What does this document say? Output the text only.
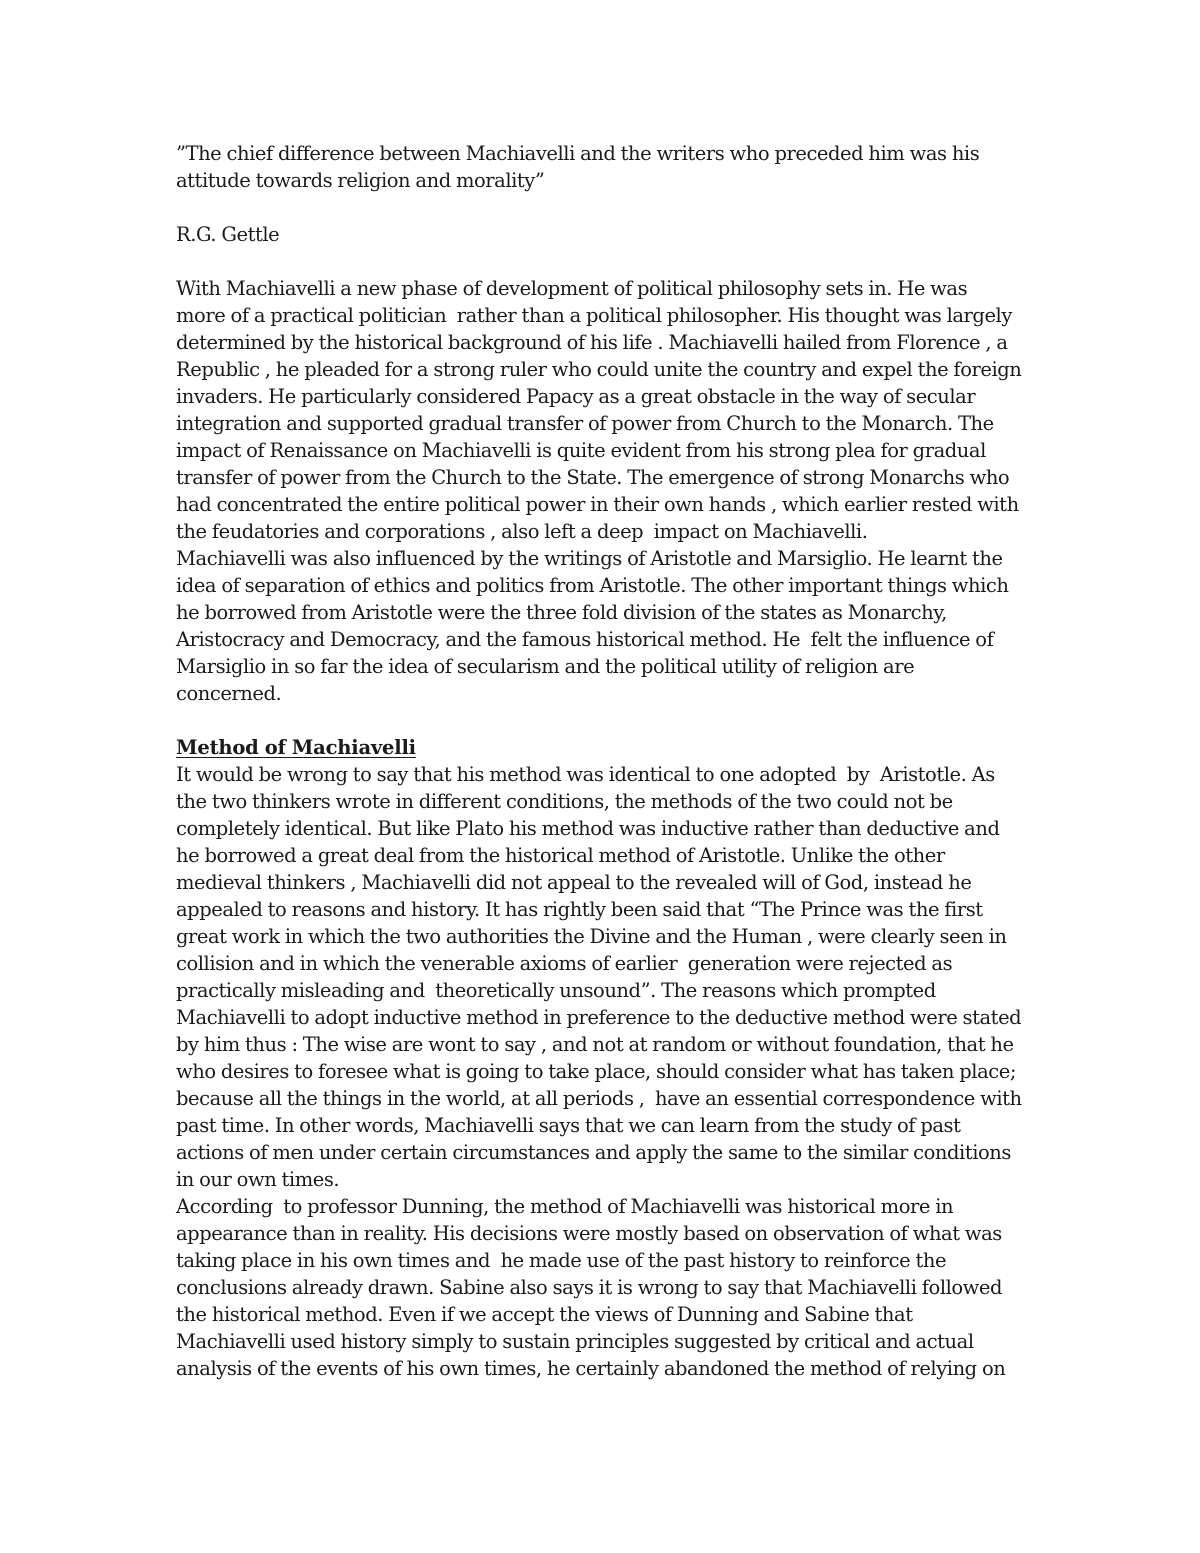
”The chief difference between Machiavelli and the writers who preceded him was his
attitude towards religion and morality”
R.G. Gettle
With Machiavelli a new phase of development of political philosophy sets in. He was
more of a practical politician  rather than a political philosopher. His thought was largely
determined by the historical background of his life . Machiavelli hailed from Florence , a
Republic , he pleaded for a strong ruler who could unite the country and expel the foreign
invaders. He particularly considered Papacy as a great obstacle in the way of secular
integration and supported gradual transfer of power from Church to the Monarch. The
impact of Renaissance on Machiavelli is quite evident from his strong plea for gradual
transfer of power from the Church to the State. The emergence of strong Monarchs who
had concentrated the entire political power in their own hands , which earlier rested with
the feudatories and corporations , also left a deep  impact on Machiavelli.
Machiavelli was also influenced by the writings of Aristotle and Marsiglio. He learnt the
idea of separation of ethics and politics from Aristotle. The other important things which
he borrowed from Aristotle were the three fold division of the states as Monarchy,
Aristocracy and Democracy, and the famous historical method. He  felt the influence of
Marsiglio in so far the idea of secularism and the political utility of religion are
concerned.
Method of Machiavelli
It would be wrong to say that his method was identical to one adopted  by  Aristotle. As
the two thinkers wrote in different conditions, the methods of the two could not be
completely identical. But like Plato his method was inductive rather than deductive and
he borrowed a great deal from the historical method of Aristotle. Unlike the other
medieval thinkers , Machiavelli did not appeal to the revealed will of God, instead he
appealed to reasons and history. It has rightly been said that “The Prince was the first
great work in which the two authorities the Divine and the Human , were clearly seen in
collision and in which the venerable axioms of earlier  generation were rejected as
practically misleading and  theoretically unsound”. The reasons which prompted
Machiavelli to adopt inductive method in preference to the deductive method were stated
by him thus : The wise are wont to say , and not at random or without foundation, that he
who desires to foresee what is going to take place, should consider what has taken place;
because all the things in the world, at all periods ,  have an essential correspondence with
past time. In other words, Machiavelli says that we can learn from the study of past
actions of men under certain circumstances and apply the same to the similar conditions
in our own times.
According  to professor Dunning, the method of Machiavelli was historical more in
appearance than in reality. His decisions were mostly based on observation of what was
taking place in his own times and  he made use of the past history to reinforce the
conclusions already drawn. Sabine also says it is wrong to say that Machiavelli followed
the historical method. Even if we accept the views of Dunning and Sabine that
Machiavelli used history simply to sustain principles suggested by critical and actual
analysis of the events of his own times, he certainly abandoned the method of relying on
